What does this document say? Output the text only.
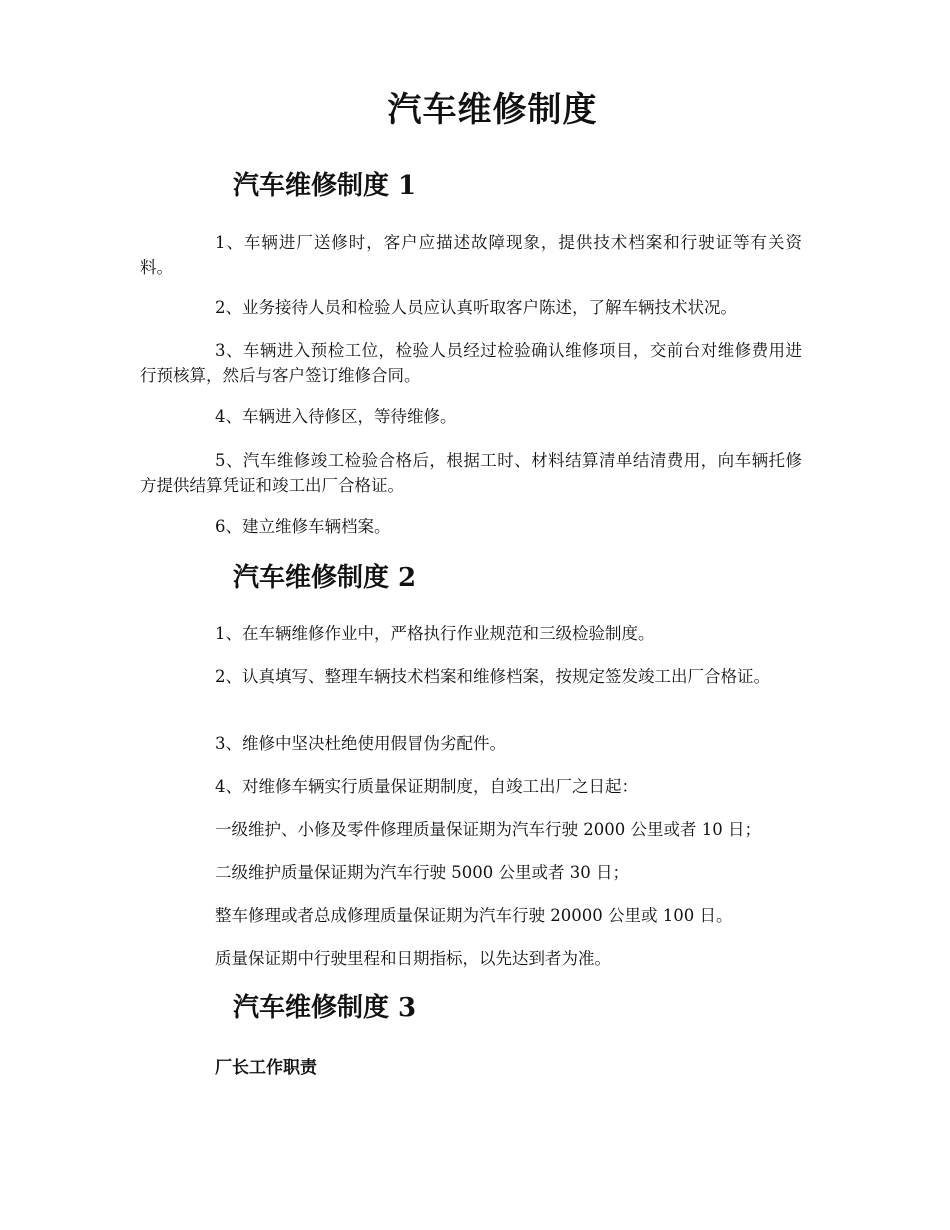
汽车维修制度
汽车维修制度 1

1、车辆进厂送修时，客户应描述故障现象，提供技术档案和行驶证等有关资料。

2、业务接待人员和检验人员应认真听取客户陈述，了解车辆技术状况。

3、车辆进入预检工位，检验人员经过检验确认维修项目，交前台对维修费用进行预核算，然后与客户签订维修合同。

4、车辆进入待修区，等待维修。

5、汽车维修竣工检验合格后，根据工时、材料结算清单结清费用，向车辆托修方提供结算凭证和竣工出厂合格证。

6、建立维修车辆档案。

汽车维修制度 2

1、在车辆维修作业中，严格执行作业规范和三级检验制度。

2、认真填写、整理车辆技术档案和维修档案，按规定签发竣工出厂合格证。

3、维修中坚决杜绝使用假冒伪劣配件。

4、对维修车辆实行质量保证期制度，自竣工出厂之日起：

一级维护、小修及零件修理质量保证期为汽车行驶 2000 公里或者 10 日；

二级维护质量保证期为汽车行驶 5000 公里或者 30 日；

整车修理或者总成修理质量保证期为汽车行驶 20000 公里或 100 日。

质量保证期中行驶里程和日期指标，以先达到者为准。

汽车维修制度 3
厂长工作职责
